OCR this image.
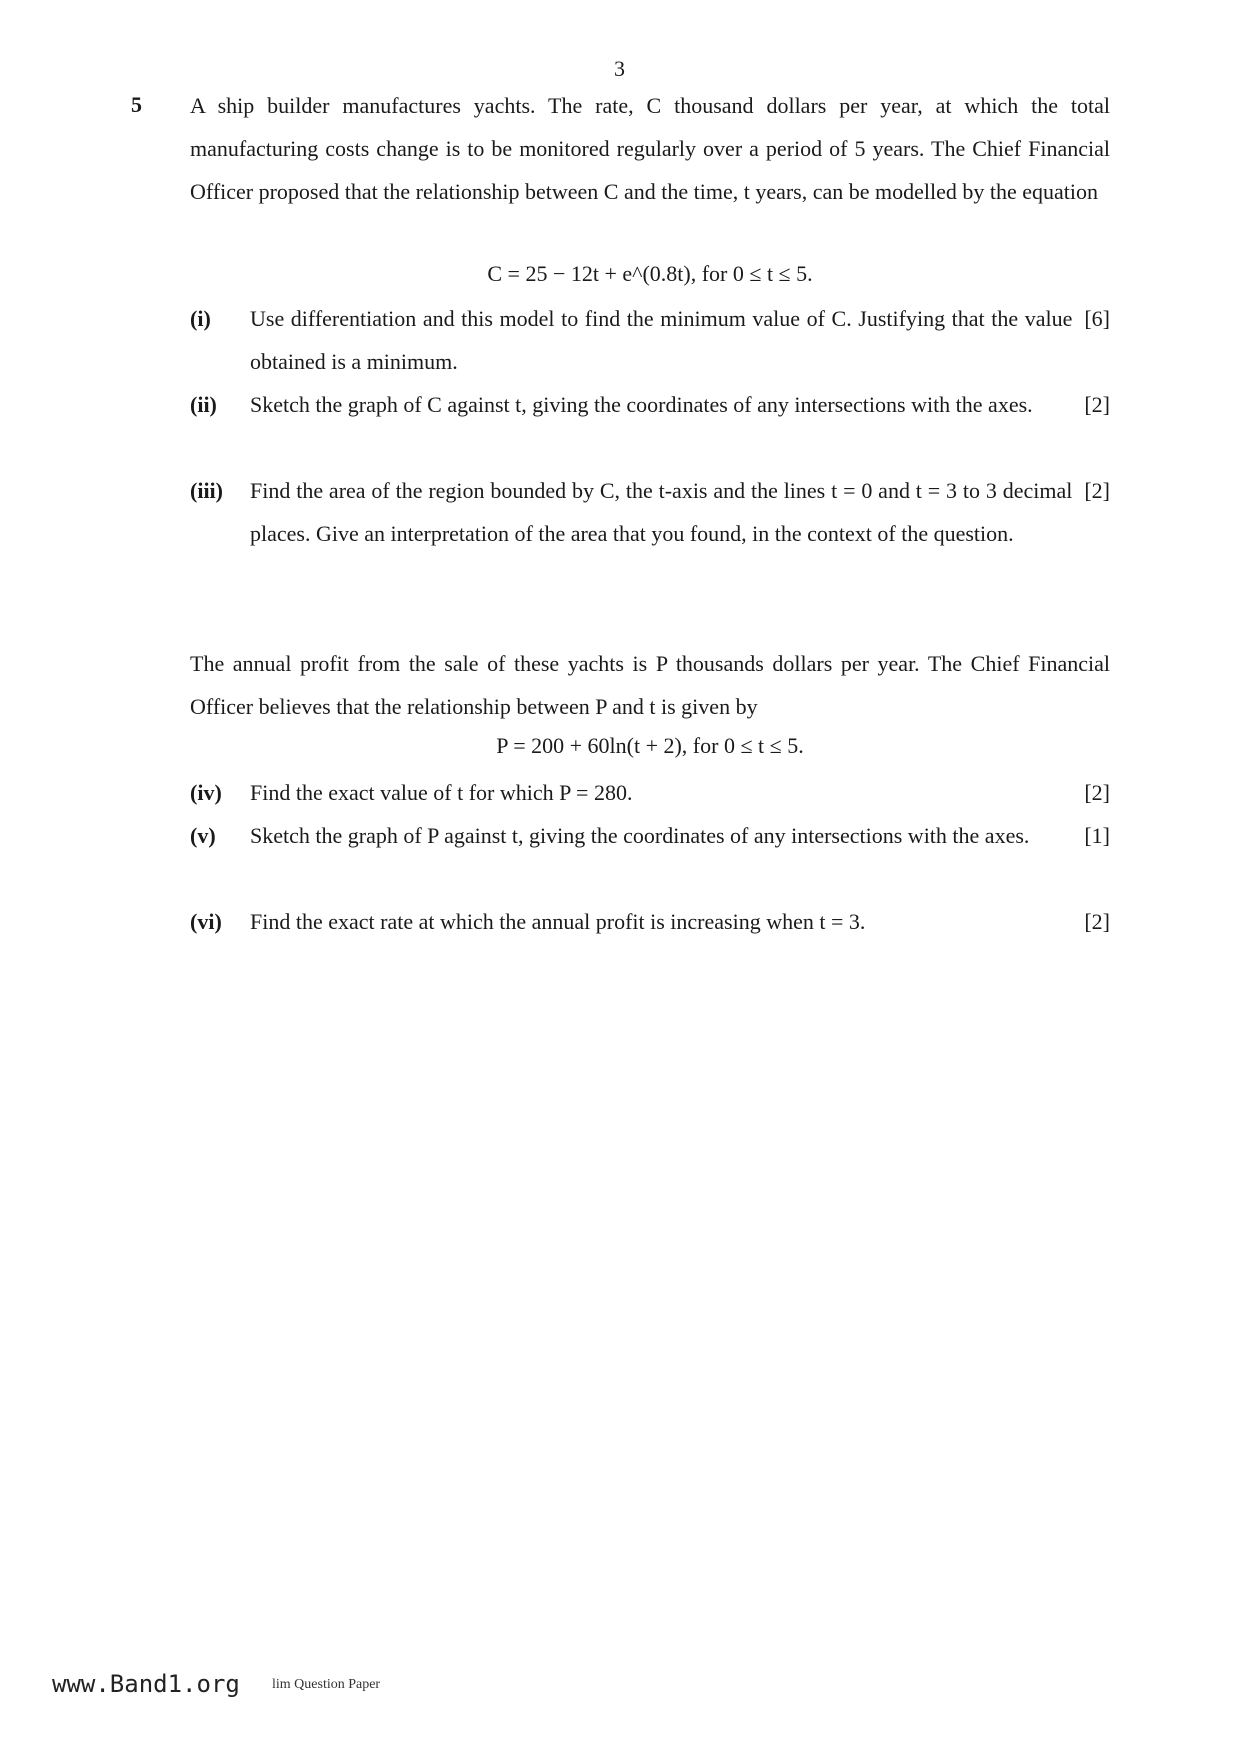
3
5 A ship builder manufactures yachts. The rate, C thousand dollars per year, at which the total manufacturing costs change is to be monitored regularly over a period of 5 years. The Chief Financial Officer proposed that the relationship between C and the time, t years, can be modelled by the equation

C = 25 − 12t + e^(0.8t), for 0 ≤ t ≤ 5.
(i)	[6]
Use differentiation and this model to find the minimum value of C. Justifying that the value obtained is a minimum.
(ii)	[2]
Sketch the graph of C against t, giving the coordinates of any intersections with the axes.
(iii)	[2]
Find the area of the region bounded by C, the t-axis and the lines t = 0 and t = 3 to 3 decimal places. Give an interpretation of the area that you found, in the context of the question.

The annual profit from the sale of these yachts is P thousands dollars per year. The Chief Financial Officer believes that the relationship between P and t is given by

P = 200 + 60ln(t + 2), for 0 ≤ t ≤ 5.
(iv)	[2]
Find the exact value of t for which P = 280.
(v)	[1]
Sketch the graph of P against t, giving the coordinates of any intersections with the axes.
(vi)	[2]
Find the exact rate at which the annual profit is increasing when t = 3.
www.Band1.org lim Question Paper
